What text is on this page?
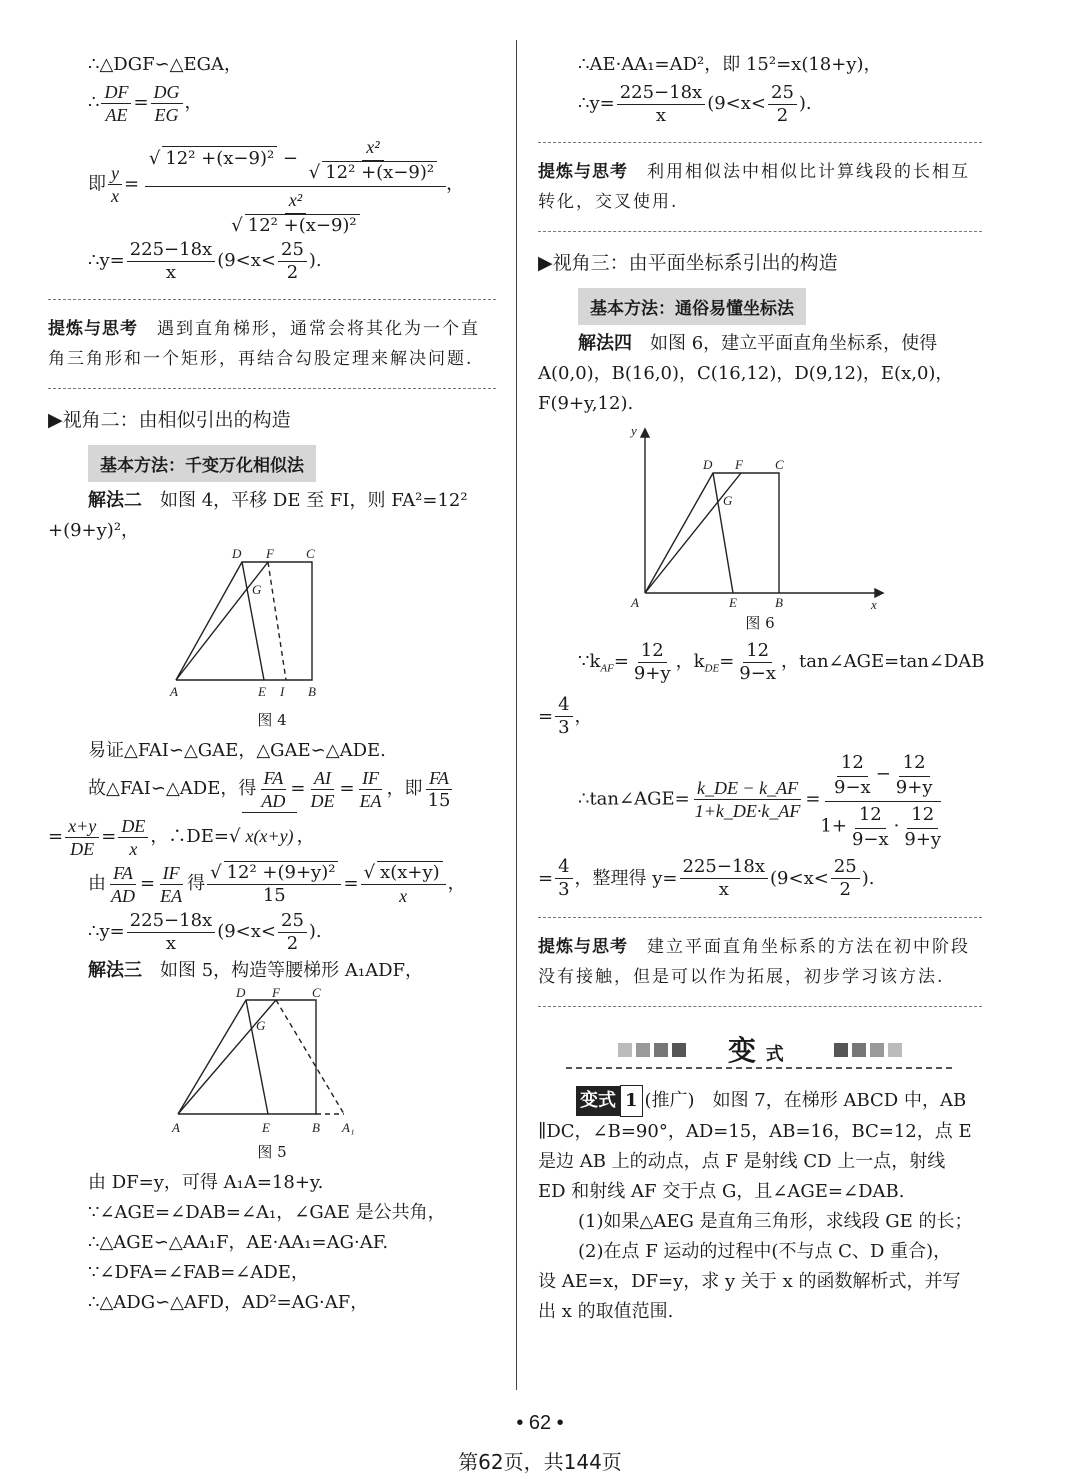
∴△DGF∽△EGA，
∴ $\frac{DF}{AE} = \frac{DG}{EG}$ ，
即 $\frac{y}{x} = \frac{√ 12^2 +(x-9)^2 - \frac{\text{x²}}{\text{√ 12² +(x−9)²}}}{\frac{\text{x²}}{\text{√ 12² +(x−9)²}}}$ ，
∴y= $\frac{225-18x}{x} (9<x< \frac{25}{2}$ ).
提炼与思考　 遇到直角梯形，通常会将其化为一个直角三角形和一个矩形，再结合勾股定理来解决问题.
▶视角二：由相似引出的构造
基本方法：千变万化相似法
解法二　 如图 4，平移 DE 至 FI，则 FA²=12²
+(9+y)²，
D F C
G
A	E I B
图 4
易证△FAI∽△GAE，△GAE∽△ADE.
故△FAI∽△ADE，得 $\frac{FA}{AD} = \frac{AI}{DE} = \frac{IF}{EA}$ ，即 $\frac{FA}{15}$
= $\frac{x+y}{DE} = \frac{DE}{x}$ ，∴DE=√ x(x+y) ，
由 $\frac{FA}{AD} = \frac{IF}{EA}$ 得 $\frac{\text{√ 12² +(9+y)²}}{15} = \frac{√ x(x+y)}{x}$ ，
∴y= $\frac{225-18x}{x} (9<x< \frac{25}{2}$ ).
解法三　 如图 5，构造等腰梯形 A₁ADF，
D F C
G
A	E	B A₁
图 5
由 DF=y，可得 A₁A=18+y.
∵∠AGE=∠DAB=∠A₁，∠GAE 是公共角，
∴△AGE∽△AA₁F，AE·AA₁=AG·AF.
∵∠DFA=∠FAB=∠ADE，
∴△ADG∽△AFD，AD²=AG·AF，
∴AE·AA₁=AD²，即 15²=x(18+y)，
∴y= $\frac{225-18x}{x} (9<x< \frac{25}{2}$ ).
提炼与思考　 利用相似法中相似比计算线段的长相互转化，交叉使用.
▶视角三：由平面坐标系引出的构造
基本方法：通俗易懂坐标法
解法四　 如图 6，建立平面直角坐标系，使得
A(0,0)，B(16,0)，C(16,12)，D(9,12)，E(x,0)，
F(9+y,12).
y
D F C
G
A	E	B	x
图 6
$\because k_{AF}= \frac{12}{9+y}$ ，$k_{DE}= \frac{12}{9-x}$ ，tan∠AGE=tan∠DAB
= $\frac{4}{3}$ ，
∴tan∠AGE= $\frac{k\_DE - k\_AF}{1+k\_DE\cdot k\_AF} = \frac{\frac{12}{9-x} - \frac{12}{9+y}}{1+ \frac{12}{9-x} \cdot \frac{12}{9+y}}$
= $\frac{4}{3}$ ，整理得 $y= \frac{225-18x}{x} (9<x< \frac{25}{2}$ ).
提炼与思考　 建立平面直角坐标系的方法在初中阶段没有接触，但是可以作为拓展，初步学习该方法.
变 式
变式 1 (推广)　 如图 7，在梯形 ABCD 中，AB
∥DC，∠B=90°，AD=15，AB=16，BC=12，点 E
是边 AB 上的动点，点 F 是射线 CD 上一点，射线
ED 和射线 AF 交于点 G，且∠AGE=∠DAB.
(1)如果△AEG 是直角三角形，求线段 GE 的长；
(2)在点 F 运动的过程中(不与点 C、D 重合)，
设 AE=x，DF=y，求 y 关于 x 的函数解析式，并写
出 x 的取值范围.
• 62 •
第62页，共144页
